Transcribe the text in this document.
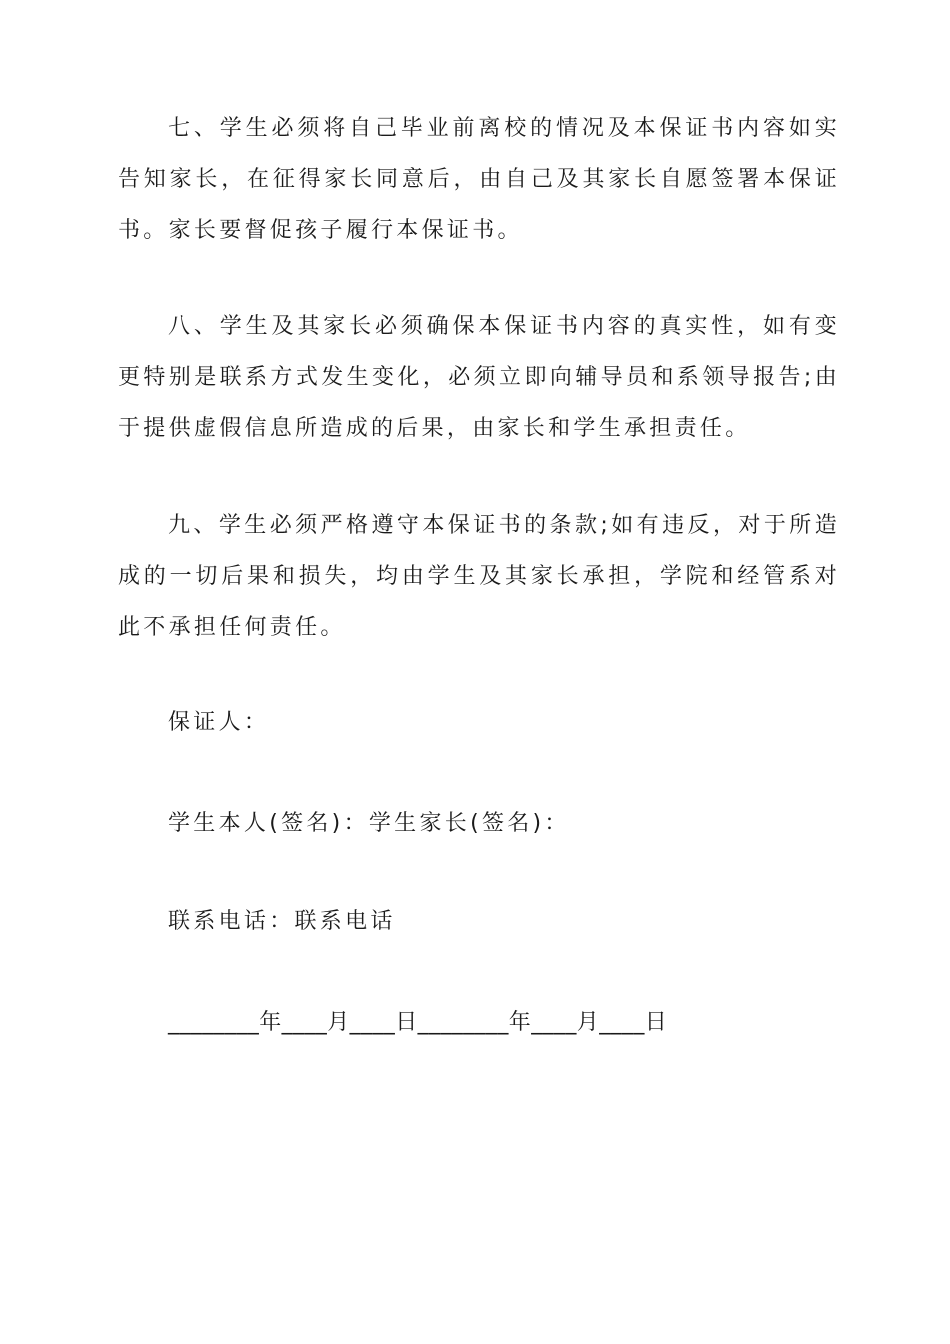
七、学生必须将自己毕业前离校的情况及本保证书内容如实告知家长，在征得家长同意后，由自己及其家长自愿签署本保证书。家长要督促孩子履行本保证书。

八、学生及其家长必须确保本保证书内容的真实性，如有变更特别是联系方式发生变化，必须立即向辅导员和系领导报告;由于提供虚假信息所造成的后果，由家长和学生承担责任。

九、学生必须严格遵守本保证书的条款;如有违反，对于所造成的一切后果和损失，均由学生及其家长承担，学院和经管系对此不承担任何责任。

保证人：

学生本人(签名)：学生家长(签名)：

联系电话：联系电话

________年____月____日________年____月____日
